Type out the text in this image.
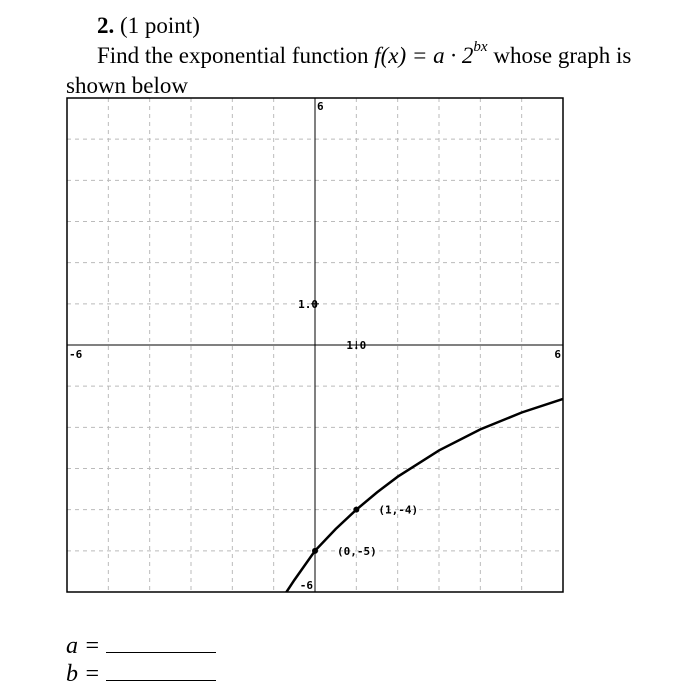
2. (1 point)
Find the exponential function $f(x) = a \cdot 2^{bx}$ whose graph is
shown below
-6	6
6
-6
1.0
1.0
(1,-4)
(0,-5)
a =
b =
